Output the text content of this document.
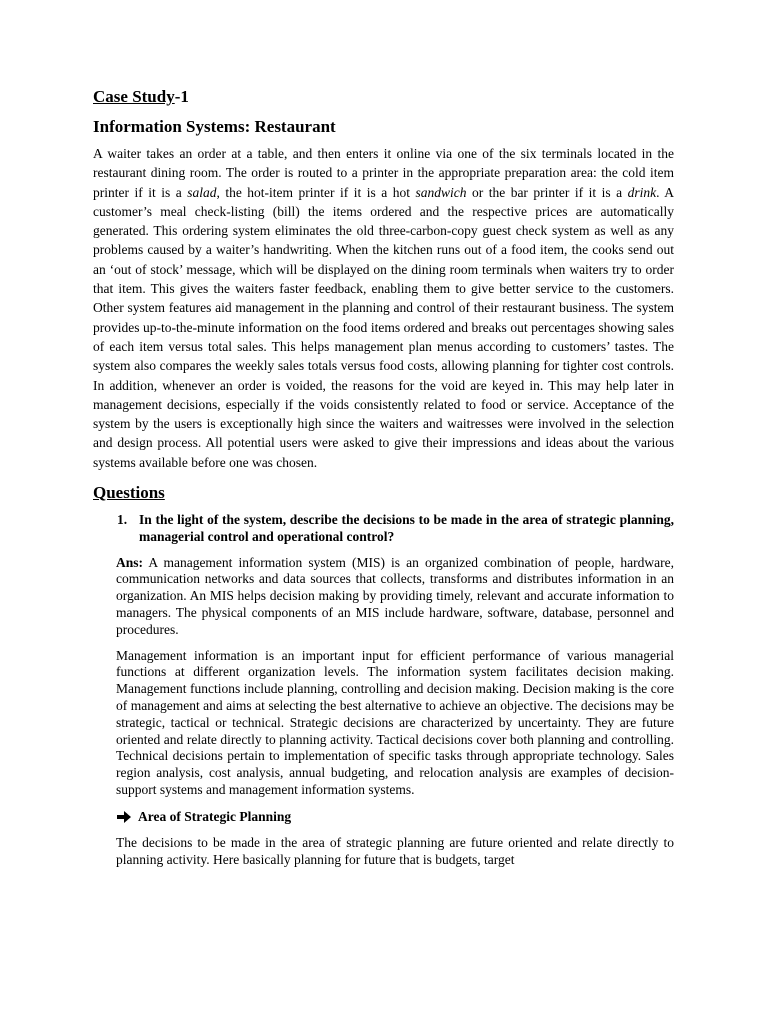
Case Study-1
Information Systems: Restaurant

A waiter takes an order at a table, and then enters it online via one of the six terminals located in the restaurant dining room. The order is routed to a printer in the appropriate preparation area: the cold item printer if it is a salad, the hot-item printer if it is a hot sandwich or the bar printer if it is a drink. A customer’s meal check-listing (bill) the items ordered and the respective prices are automatically generated. This ordering system eliminates the old three-carbon-copy guest check system as well as any problems caused by a waiter’s handwriting. When the kitchen runs out of a food item, the cooks send out an ‘out of stock’ message, which will be displayed on the dining room terminals when waiters try to order that item. This gives the waiters faster feedback, enabling them to give better service to the customers. Other system features aid management in the planning and control of their restaurant business. The system provides up-to-the-minute information on the food items ordered and breaks out percentages showing sales of each item versus total sales. This helps management plan menus according to customers’ tastes. The system also compares the weekly sales totals versus food costs, allowing planning for tighter cost controls. In addition, whenever an order is voided, the reasons for the void are keyed in. This may help later in management decisions, especially if the voids consistently related to food or service. Acceptance of the system by the users is exceptionally high since the waiters and waitresses were involved in the selection and design process. All potential users were asked to give their impressions and ideas about the various systems available before one was chosen.

Questions
1. In the light of the system, describe the decisions to be made in the area of strategic planning, managerial control and operational control?

Ans: A management information system (MIS) is an organized combination of people, hardware, communication networks and data sources that collects, transforms and distributes information in an organization. An MIS helps decision making by providing timely, relevant and accurate information to managers. The physical components of an MIS include hardware, software, database, personnel and procedures.

Management information is an important input for efficient performance of various managerial functions at different organization levels. The information system facilitates decision making. Management functions include planning, controlling and decision making. Decision making is the core of management and aims at selecting the best alternative to achieve an objective. The decisions may be strategic, tactical or technical. Strategic decisions are characterized by uncertainty. They are future oriented and relate directly to planning activity. Tactical decisions cover both planning and controlling. Technical decisions pertain to implementation of specific tasks through appropriate technology. Sales region analysis, cost analysis, annual budgeting, and relocation analysis are examples of decision-support systems and management information systems.

Area of Strategic Planning

The decisions to be made in the area of strategic planning are future oriented and relate directly to planning activity. Here basically planning for future that is budgets, target
